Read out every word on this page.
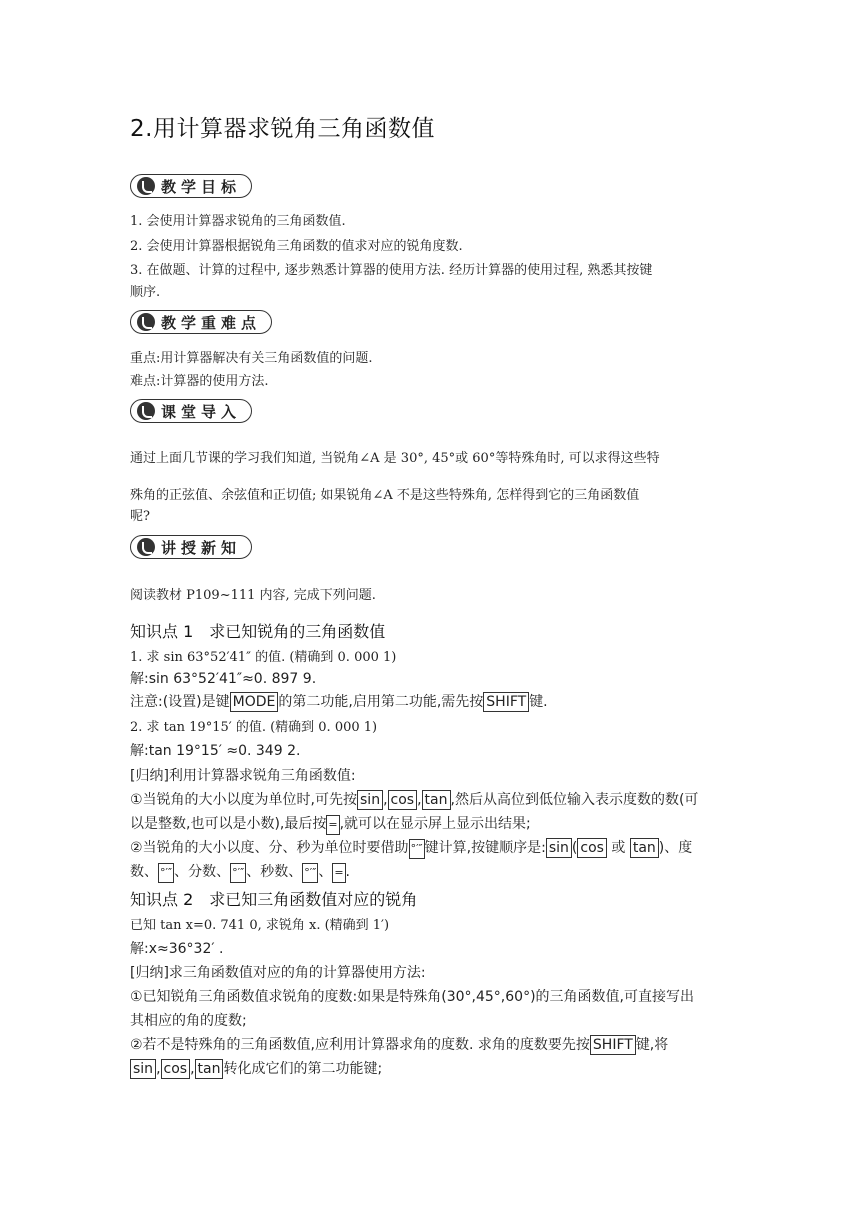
2.用计算器求锐角三角函数值
教学目标
1. 会使用计算器求锐角的三角函数值.
2. 会使用计算器根据锐角三角函数的值求对应的锐角度数.
3. 在做题、计算的过程中, 逐步熟悉计算器的使用方法. 经历计算器的使用过程, 熟悉其按键
顺序.
教学重难点
重点:用计算器解决有关三角函数值的问题.
难点:计算器的使用方法.
课堂导入
通过上面几节课的学习我们知道, 当锐角∠A 是 30°, 45°或 60°等特殊角时, 可以求得这些特
殊角的正弦值、余弦值和正切值; 如果锐角∠A 不是这些特殊角, 怎样得到它的三角函数值
呢?
讲授新知
阅读教材 P109~111 内容, 完成下列问题.
知识点 1　求已知锐角的三角函数值
1. 求 sin 63°52′41″ 的值. (精确到 0. 000 1)
解:sin 63°52′41″≈0. 897 9.
注意:(设置)是键 MODE 的第二功能,启用第二功能,需先按 SHIFT 键.
2. 求 tan 19°15′ 的值. (精确到 0. 000 1)
解:tan 19°15′ ≈0. 349 2.
[归纳]利用计算器求锐角三角函数值:
①当锐角的大小以度为单位时,可先按 sin , cos , tan ,然后从高位到低位输入表示度数的数(可
以是整数,也可以是小数),最后按 = ,就可以在显示屏上显示出结果;
②当锐角的大小以度、分、秒为单位时要借助 °′″ 键计算,按键顺序是: sin ( cos 或 tan )、度
数、 °′″ 、分数、 °′″ 、秒数、 °′″ 、 = .
知识点 2　求已知三角函数值对应的锐角
已知 tan x=0. 741 0, 求锐角 x. (精确到 1′)
解:x≈36°32′ .
[归纳]求三角函数值对应的角的计算器使用方法:
①已知锐角三角函数值求锐角的度数:如果是特殊角(30°,45°,60°)的三角函数值,可直接写出
其相应的角的度数;
②若不是特殊角的三角函数值,应利用计算器求角的度数. 求角的度数要先按 SHIFT 键,将
sin , cos , tan 转化成它们的第二功能键;
